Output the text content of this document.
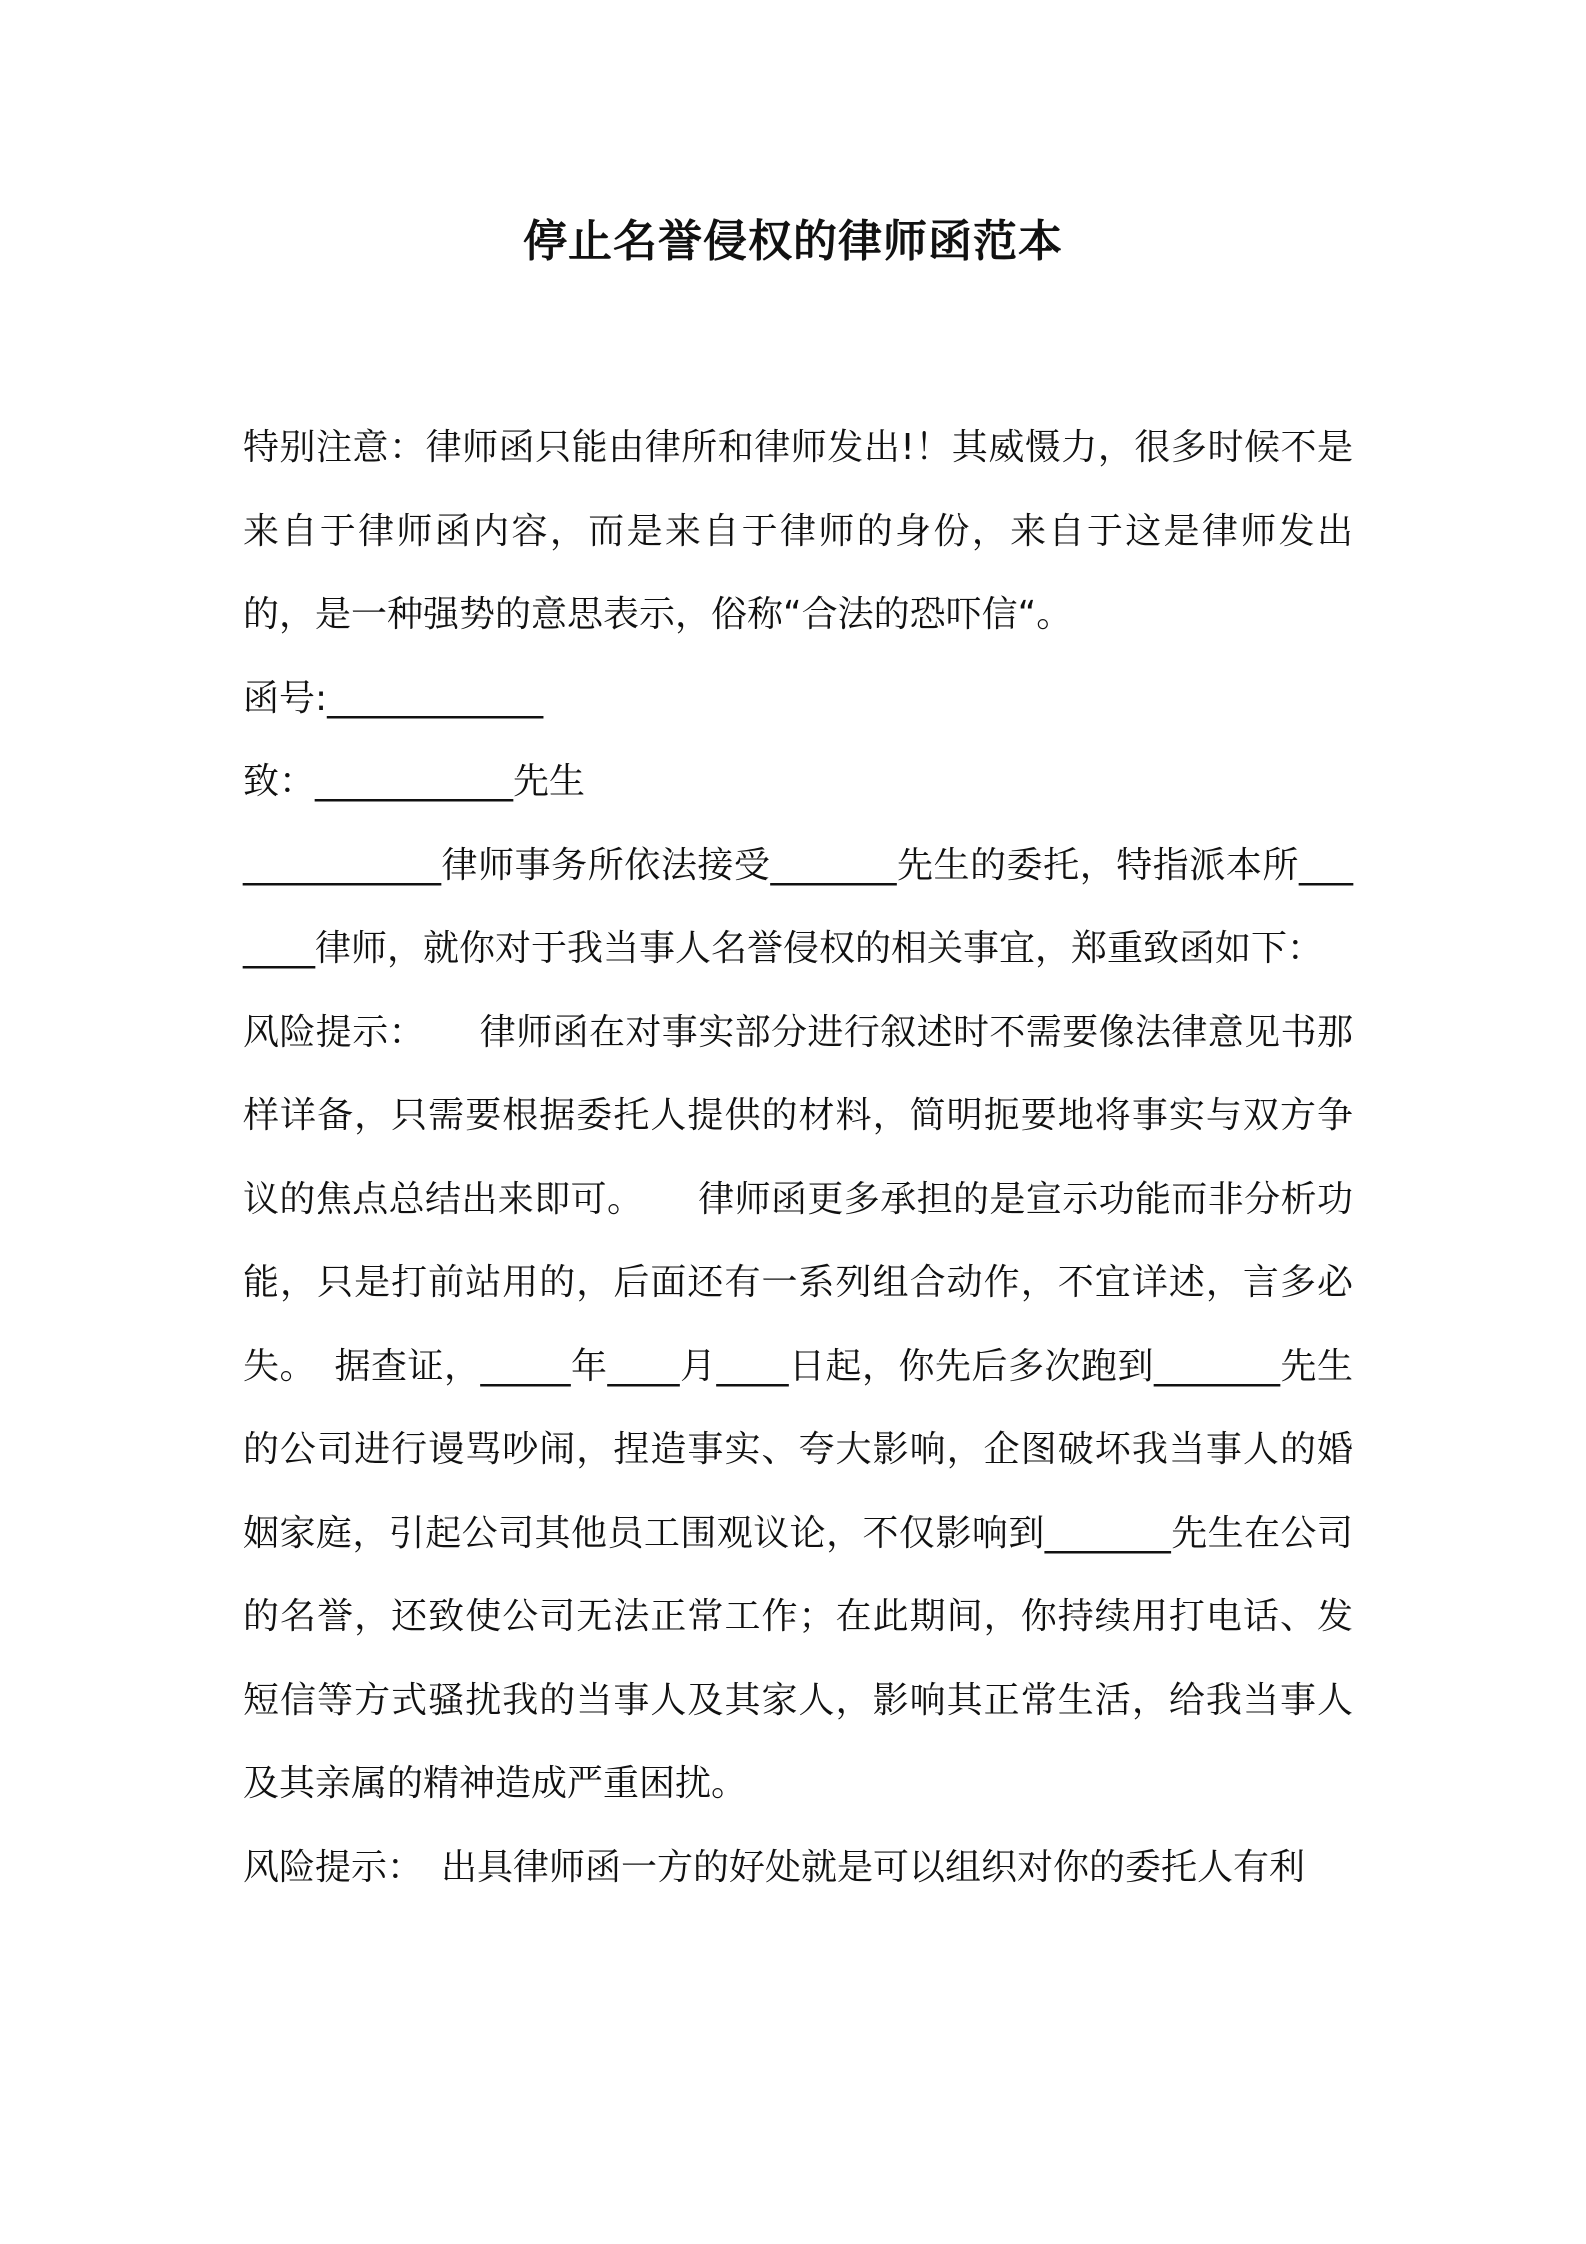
停止名誉侵权的律师函范本

特别注意：律师函只能由律所和律师发出!！其威慑力，很多时候不是来自于律师函内容，而是来自于律师的身份，来自于这是律师发出的，是一种强势的意思表示，俗称“合法的恐吓信“。

函号:____________

致：___________先生

___________律师事务所依法接受_______先生的委托，特指派本所_______律师，就你对于我当事人名誉侵权的相关事宜，郑重致函如下：

风险提示：　　律师函在对事实部分进行叙述时不需要像法律意见书那样详备，只需要根据委托人提供的材料，简明扼要地将事实与双方争议的焦点总结出来即可。　　律师函更多承担的是宣示功能而非分析功能，只是打前站用的，后面还有一系列组合动作，不宜详述，言多必失。　据查证，_____年____月____日起，你先后多次跑到_______先生的公司进行谩骂吵闹，捏造事实、夸大影响，企图破坏我当事人的婚姻家庭，引起公司其他员工围观议论，不仅影响到_______先生在公司的名誉，还致使公司无法正常工作；在此期间，你持续用打电话、发短信等方式骚扰我的当事人及其家人，影响其正常生活，给我当事人及其亲属的精神造成严重困扰。

风险提示：　出具律师函一方的好处就是可以组织对你的委托人有利
